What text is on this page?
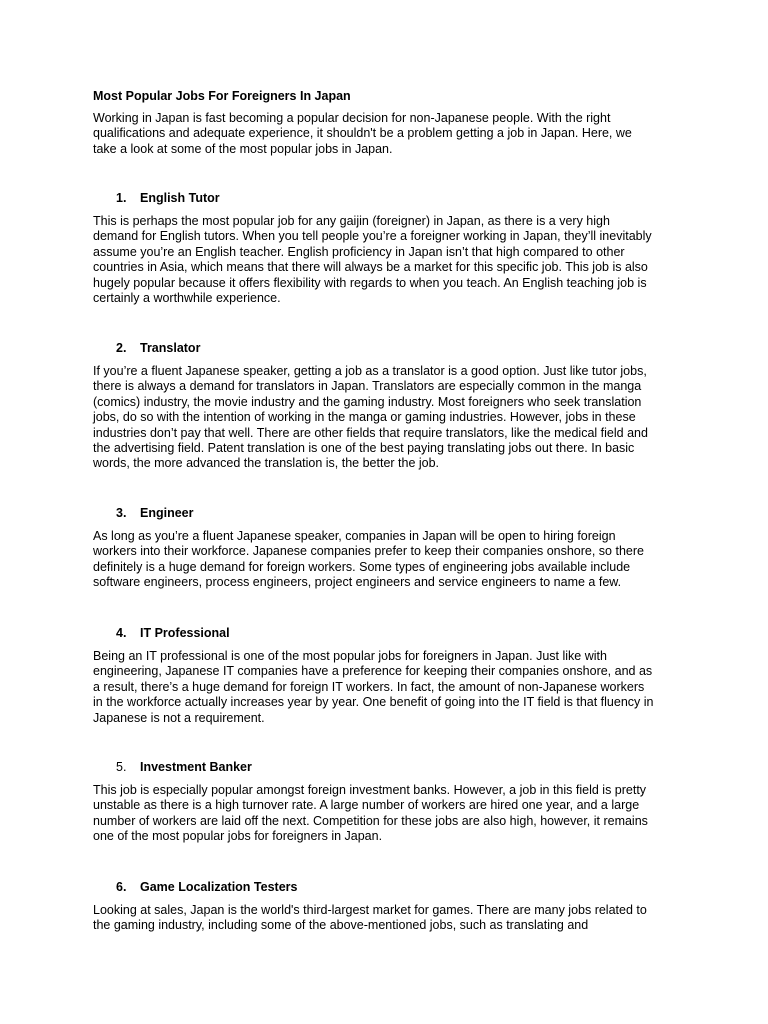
Most Popular Jobs For Foreigners In Japan

Working in Japan is fast becoming a popular decision for non-Japanese people. With the right
qualifications and adequate experience, it shouldn't be a problem getting a job in Japan. Here, we
take a look at some of the most popular jobs in Japan.

1. English Tutor

This is perhaps the most popular job for any gaijin (foreigner) in Japan, as there is a very high
demand for English tutors. When you tell people you’re a foreigner working in Japan, they’ll inevitably
assume you’re an English teacher. English proficiency in Japan isn’t that high compared to other
countries in Asia, which means that there will always be a market for this specific job. This job is also
hugely popular because it offers flexibility with regards to when you teach. An English teaching job is
certainly a worthwhile experience.

2. Translator

If you’re a fluent Japanese speaker, getting a job as a translator is a good option. Just like tutor jobs,
there is always a demand for translators in Japan. Translators are especially common in the manga
(comics) industry, the movie industry and the gaming industry. Most foreigners who seek translation
jobs, do so with the intention of working in the manga or gaming industries. However, jobs in these
industries don’t pay that well. There are other fields that require translators, like the medical field and
the advertising field. Patent translation is one of the best paying translating jobs out there. In basic
words, the more advanced the translation is, the better the job.

3. Engineer

As long as you’re a fluent Japanese speaker, companies in Japan will be open to hiring foreign
workers into their workforce. Japanese companies prefer to keep their companies onshore, so there
definitely is a huge demand for foreign workers. Some types of engineering jobs available include
software engineers, process engineers, project engineers and service engineers to name a few.

4. IT Professional

Being an IT professional is one of the most popular jobs for foreigners in Japan. Just like with
engineering, Japanese IT companies have a preference for keeping their companies onshore, and as
a result, there’s a huge demand for foreign IT workers. In fact, the amount of non-Japanese workers
in the workforce actually increases year by year. One benefit of going into the IT field is that fluency in
Japanese is not a requirement.

5. Investment Banker

This job is especially popular amongst foreign investment banks. However, a job in this field is pretty
unstable as there is a high turnover rate. A large number of workers are hired one year, and a large
number of workers are laid off the next. Competition for these jobs are also high, however, it remains
one of the most popular jobs for foreigners in Japan.

6. Game Localization Testers

Looking at sales, Japan is the world's third-largest market for games. There are many jobs related to
the gaming industry, including some of the above-mentioned jobs, such as translating and
